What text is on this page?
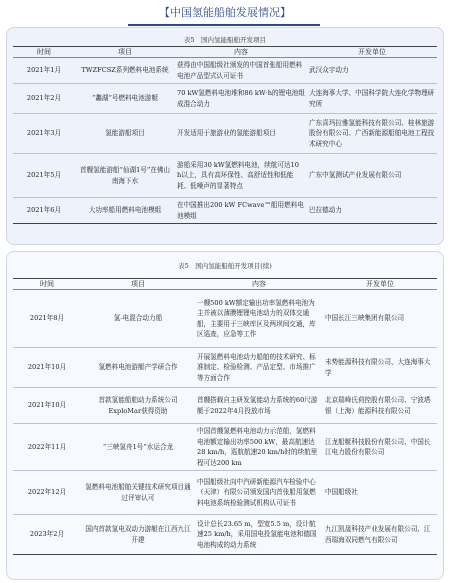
【中国氢能船舶发展情况】
表5　国内氢能船舶开发项目
时间	项目	内容	开发单位
2021年1月	TWZFCSZ系列燃料电池系统	获得由中国船级社颁发的中国首张船用燃料电池产品型式认可证书	武汉众宇动力
2021年2月	“蠡湖”号燃料电池游艇	70 kW氢燃料电池堆和86 kW·h的锂电池组成混合动力	大连海事大学、中国科学院大连化学物理研究所
2021年3月	氢能游船项目	开发适用于旅游业的氢能游船项目	广东喜玛拉雅氢能科技有限公司、桂林旅游股份有限公司、广西新能源船舶电池工程技术研究中心
2021年5月	首艘氢能游船“仙湖1号”在佛山南海下水	游船采用30 kW氢燃料电池，续航可达10 h以上，具有高环保性、高舒适性和低能耗、低噪声的显著特点	广东中氢测试产业发展有限公司
2021年6月	大功率船用燃料电池模组	在中国推出200 kW FCwave™船用燃料电池模组	巴拉德动力
表5　国内氢能船舶开发项目(续)
时间	项目	内容	开发单位
2021年8月	氢-电混合动力船	一艘500 kW额定输出功率氢燃料电池为主并被以薄膜锂锂电池动力的双体交通船，主要用于三峡库区及两坝间交通，库区巡查，应急等工作	中国长江三峡集团有限公司
2021年10月	氢燃料电池游艇产学研合作	开展氢燃料电池动力船舶的技术研究、标准制定、检验检测、产品定型、市场推广等方面合作	未势能源科技有限公司、大连海事大学
2021年10月	首款氢能船舶动力系统公司ExploMar获得资助	首艘搭载自主研发氢能动力系统的60尺游艇于2022年4月投放市场	北京瑞峰氏荷控股有限公司、宁波塔银（上海）能源科技有限公司
2022年11月	“三峡氢舟1号”水运合龙	中国首艘氢燃料电池动力示范船，氢燃料电池额定输出功率500 kW，最高航速达28 km/h，巡航航速20 km/h时的续航里程可达200 km	江龙船艇科技股份有限公司、中国长江电力股份有限公司
2022年12月	氢燃料电池船舶关键技术研究项目通过评审认可	中国船级社向中汽研新能源汽车检验中心（天津）有限公司颁发国内首张船用氢燃料电池系统检验测试机构认可证书	中国船级社
2023年2月	国内首款氢电双动力游艇在江西九江开建	设计总长23.65 m，型宽5.5 m，设计航速25 km/h，采用国电投氢能电池和德国电池构成的动力系统	九江凯晟科技产业发展有限公司、江西瑞海双同燃气有限公司
